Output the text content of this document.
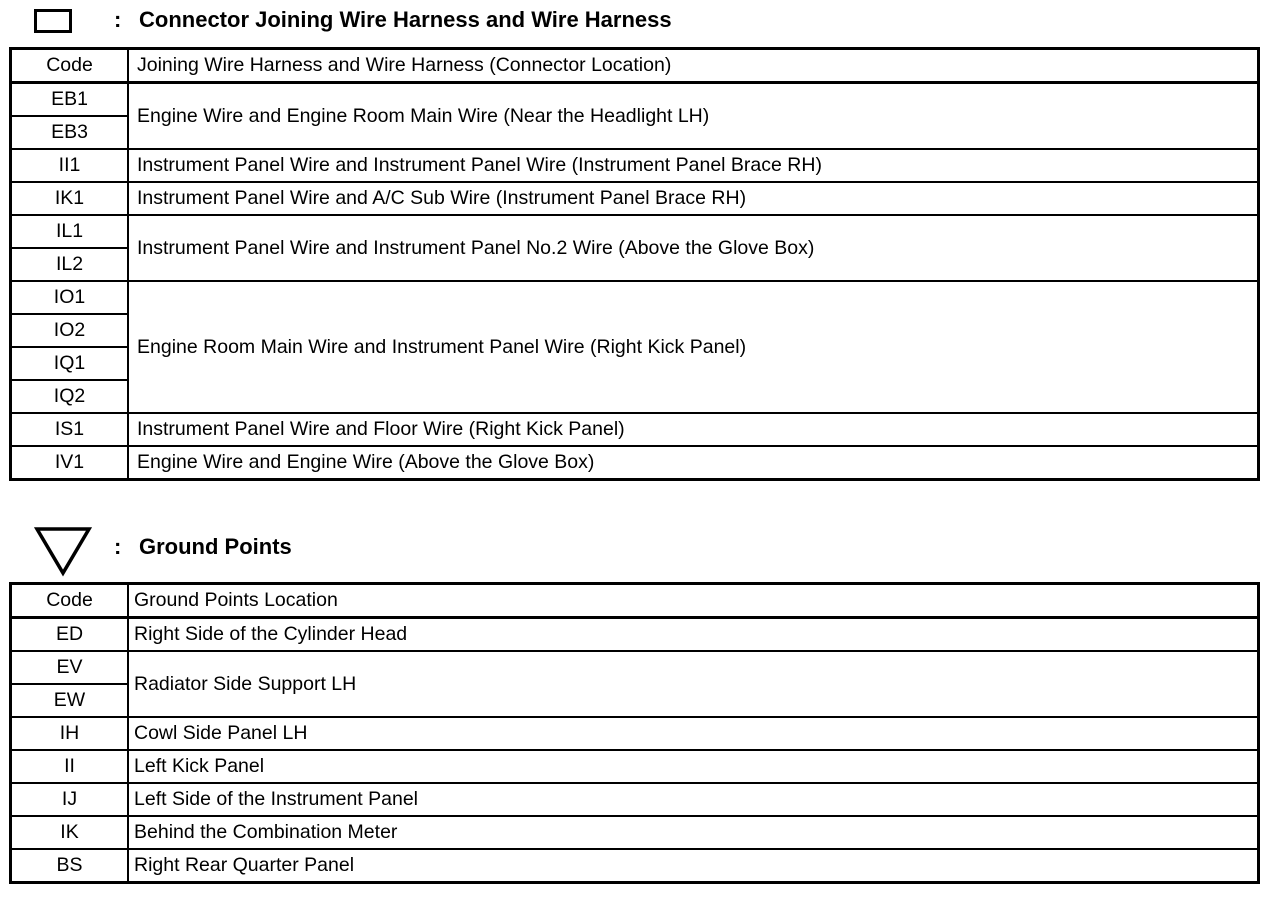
: Connector Joining Wire Harness and Wire Harness
Code	Joining Wire Harness and Wire Harness (Connector Location)
EB1	Engine Wire and Engine Room Main Wire (Near the Headlight LH)
EB3	
II1	Instrument Panel Wire and Instrument Panel Wire (Instrument Panel Brace RH)
IK1	Instrument Panel Wire and A/C Sub Wire (Instrument Panel Brace RH)
IL1	Instrument Panel Wire and Instrument Panel No.2 Wire (Above the Glove Box)
IL2	
IO1	Engine Room Main Wire and Instrument Panel Wire (Right Kick Panel)
IO2	
IQ1	
IQ2	
IS1	Instrument Panel Wire and Floor Wire (Right Kick Panel)
IV1	Engine Wire and Engine Wire (Above the Glove Box)
: Ground Points
Code	Ground Points Location
ED	Right Side of the Cylinder Head
EV	Radiator Side Support LH
EW	
IH	Cowl Side Panel LH
II	Left Kick Panel
IJ	Left Side of the Instrument Panel
IK	Behind the Combination Meter
BS	Right Rear Quarter Panel
